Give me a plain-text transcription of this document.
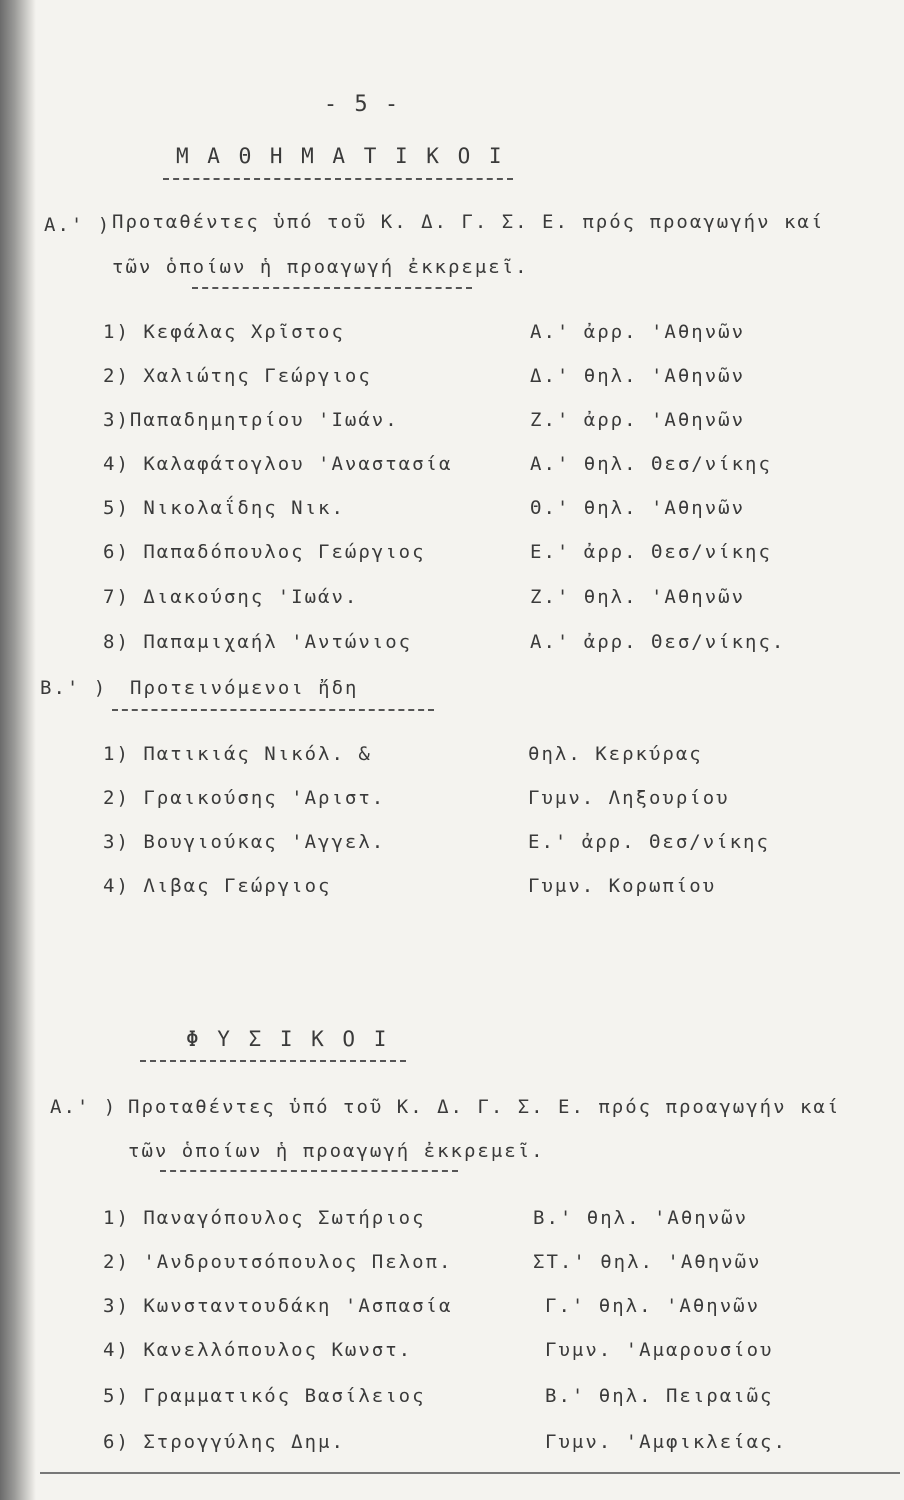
- 5 -
Μ Α Θ Η Μ Α Τ Ι Κ Ο Ι
Α.' ) Προταθέντες ὑπό τοῦ Κ. Δ. Γ. Σ. Ε. πρός προαγωγήν καί
τῶν ὁποίων ἡ προαγωγή ἐκκρεμεῖ.
1) Κεφάλας Χρῖστος	Α.' ἀρρ. 'Αθηνῶν
2) Χαλιώτης Γεώργιος	Δ.' θηλ. 'Αθηνῶν
3)Παπαδημητρίου 'Ιωάν.	Ζ.' ἀρρ. 'Αθηνῶν
4) Καλαφάτογλου 'Αναστασία	Α.' θηλ. Θεσ/νίκης
5) Νικολαΐδης Νικ.	Θ.' θηλ. 'Αθηνῶν
6) Παπαδόπουλος Γεώργιος	Ε.' ἀρρ. Θεσ/νίκης
7) Διακούσης 'Ιωάν.	Ζ.' θηλ. 'Αθηνῶν
8) Παπαμιχαήλ 'Αντώνιος	Α.' ἀρρ. Θεσ/νίκης.
Β.' ) Προτεινόμενοι ἤδη
1) Πατικιάς Νικόλ. &	θηλ. Κερκύρας
2) Γραικούσης 'Αριστ.	Γυμν. Ληξουρίου
3) Βουγιούκας 'Αγγελ.	Ε.' ἀρρ. Θεσ/νίκης
4) Λιβας Γεώργιος	Γυμν. Κορωπίου
Φ Υ Σ Ι Κ Ο Ι
Α.' ) Προταθέντες ὑπό τοῦ Κ. Δ. Γ. Σ. Ε. πρός προαγωγήν καί
τῶν ὁποίων ἡ προαγωγή ἐκκρεμεῖ.
1) Παναγόπουλος Σωτήριος	Β.' θηλ. 'Αθηνῶν
2) 'Ανδρουτσόπουλος Πελοπ.	ΣΤ.' θηλ. 'Αθηνῶν
3) Κωνσταντουδάκη 'Ασπασία	Γ.' θηλ. 'Αθηνῶν
4) Κανελλόπουλος Κωνστ.	Γυμν. 'Αμαρουσίου
5) Γραμματικός Βασίλειος	Β.' θηλ. Πειραιῶς
6) Στρογγύλης Δημ.	Γυμν. 'Αμφικλείας.
